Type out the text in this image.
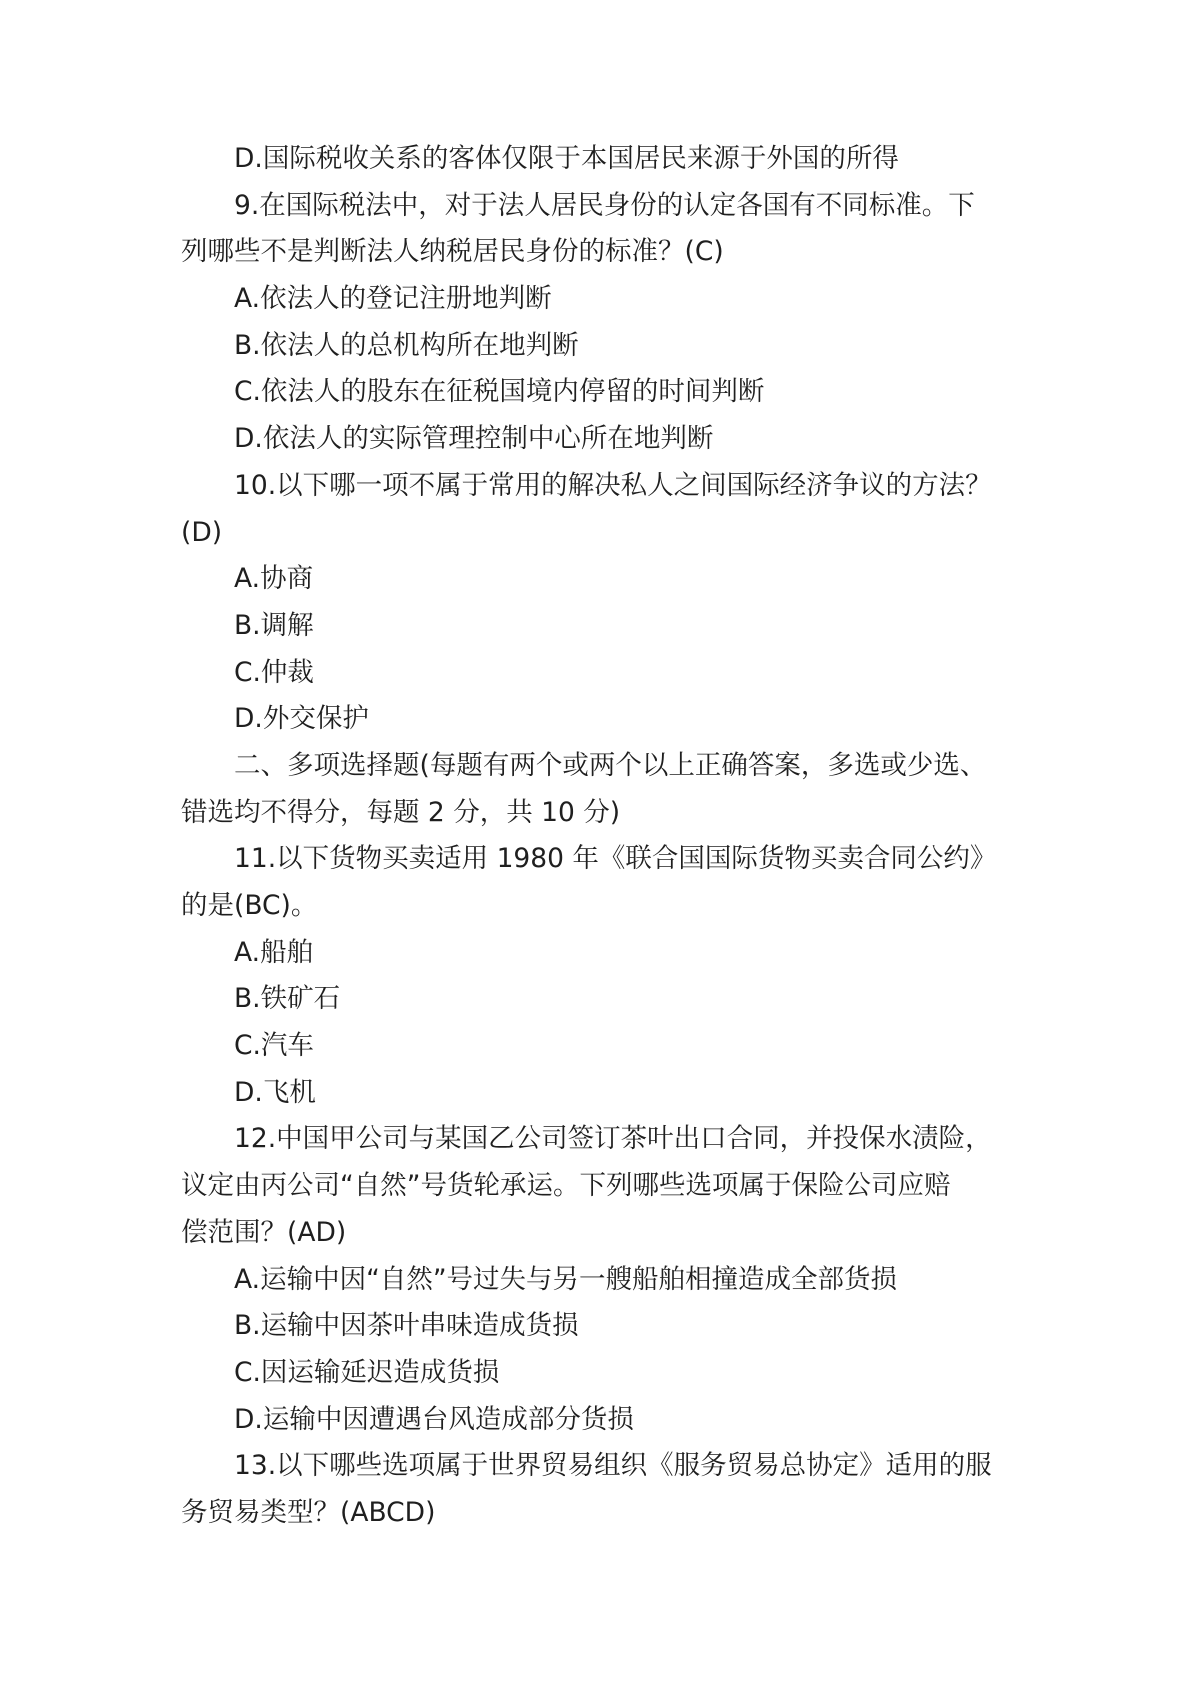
D.国际税收关系的客体仅限于本国居民来源于外国的所得
9.在国际税法中，对于法人居民身份的认定各国有不同标准。下
列哪些不是判断法人纳税居民身份的标准？(C)
A.依法人的登记注册地判断
B.依法人的总机构所在地判断
C.依法人的股东在征税国境内停留的时间判断
D.依法人的实际管理控制中心所在地判断
10.以下哪一项不属于常用的解决私人之间国际经济争议的方法？
(D)
A.协商
B.调解
C.仲裁
D.外交保护
二、多项选择题(每题有两个或两个以上正确答案，多选或少选、
错选均不得分，每题 2 分，共 10 分)
11.以下货物买卖适用 1980 年《联合国国际货物买卖合同公约》
的是(BC)。
A.船舶
B.铁矿石
C.汽车
D.飞机
12.中国甲公司与某国乙公司签订茶叶出口合同，并投保水渍险，
议定由丙公司“自然”号货轮承运。下列哪些选项属于保险公司应赔
偿范围？(AD)
A.运输中因“自然”号过失与另一艘船舶相撞造成全部货损
B.运输中因茶叶串味造成货损
C.因运输延迟造成货损
D.运输中因遭遇台风造成部分货损
13.以下哪些选项属于世界贸易组织《服务贸易总协定》适用的服
务贸易类型？(ABCD)
